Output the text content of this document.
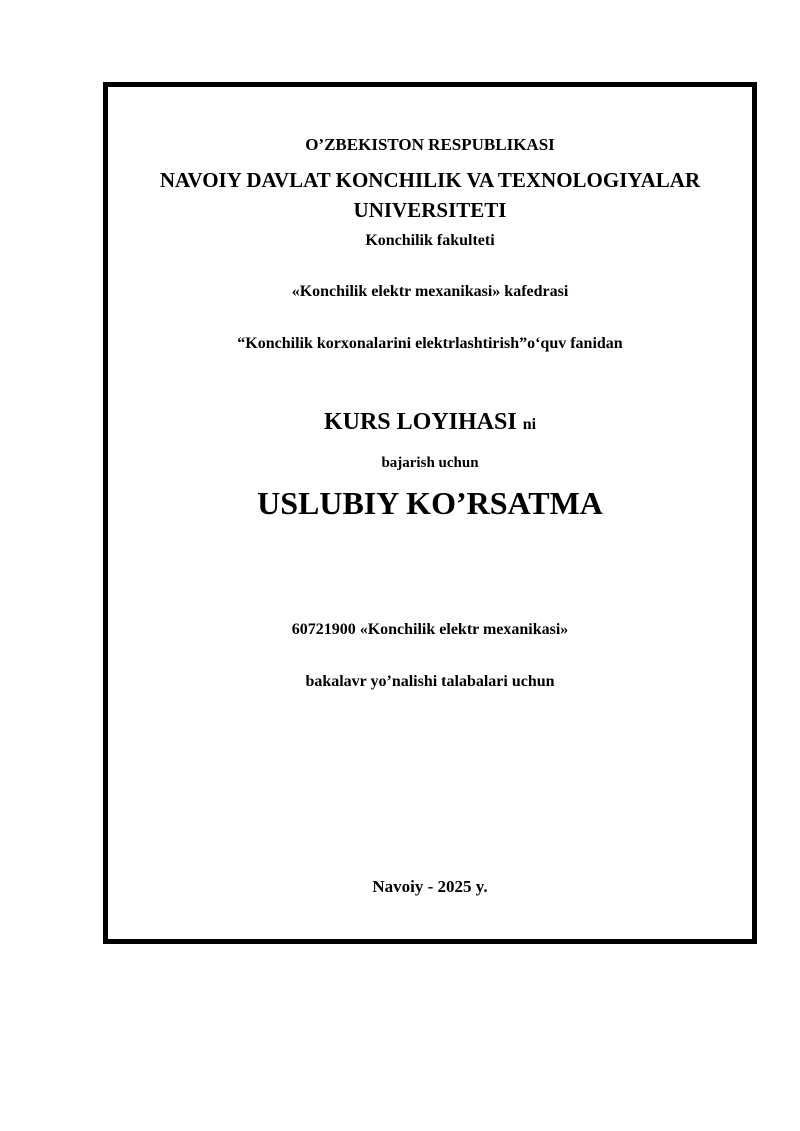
O’ZBEKISTON RESPUBLIKASI
NAVOIY DAVLAT KONCHILIK VA TEXNOLOGIYALAR UNIVERSITETI
Konchilik fakulteti
«Konchilik elektr mexanikasi» kafedrasi
“Konchilik korxonalarini elektrlashtirish”o‘quv fanidan
KURS LOYIHASI ni
bajarish uchun
USLUBIY KO’RSATMA
60721900 «Konchilik elektr mexanikasi»
bakalavr yo’nalishi talabalari uchun
Navoiy - 2025 y.
